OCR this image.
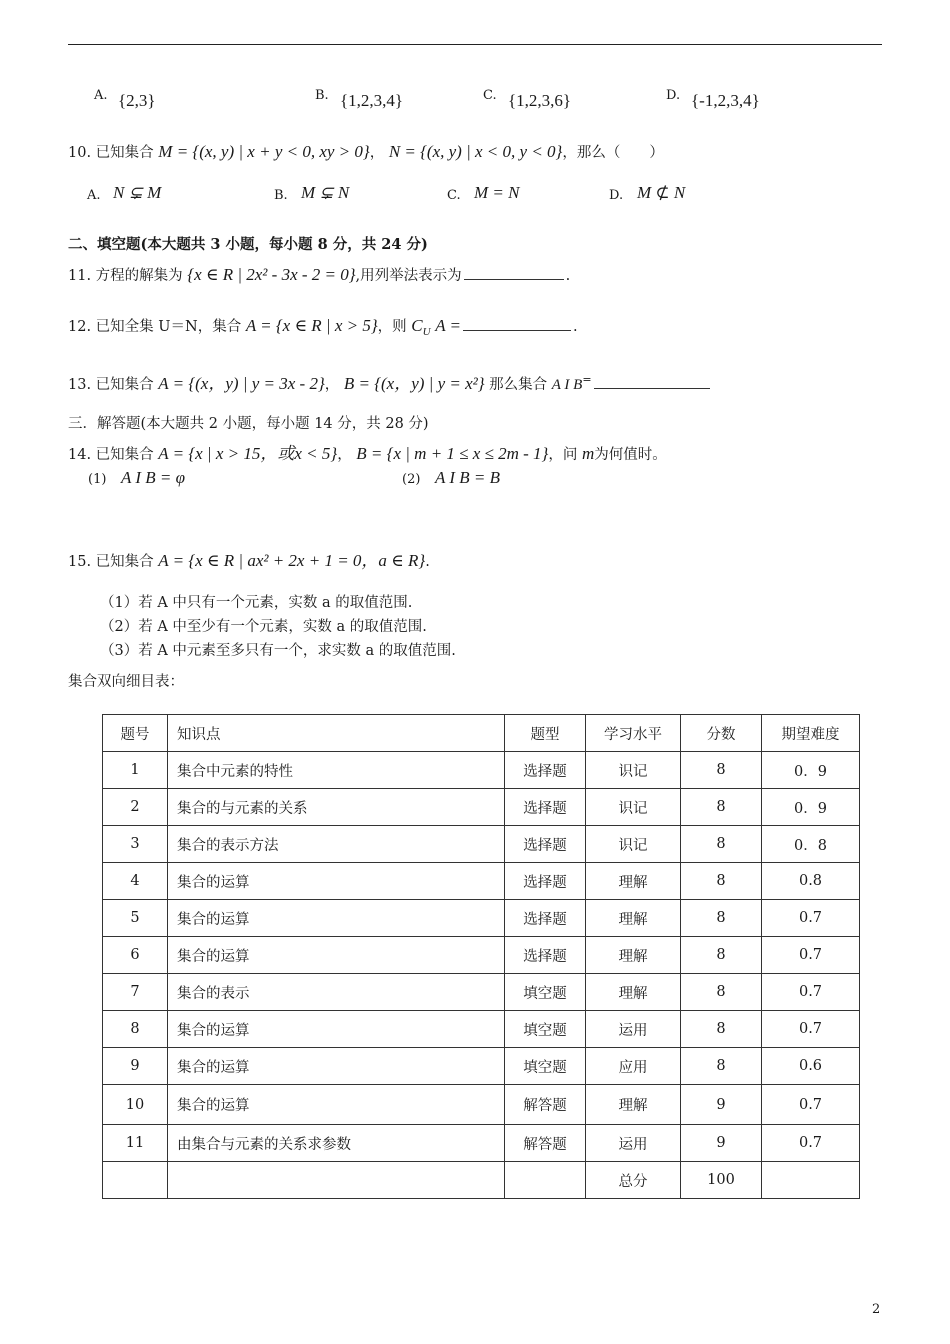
A. {2,3}	B. {1,2,3,4}	C. {1,2,3,6}	D. {-1,2,3,4}
10. 已知集合 M = {(x, y) | x + y < 0, xy > 0}， N = {(x, y) | x < 0, y < 0}，那么（　　）
A. N ⊊ M	B. M ⊊ N	C. M = N	D. M ⊄ N
二、填空题(本大题共 3 小题，每小题 8 分，共 24 分)
11. 方程的解集为 {x ∈ R | 2x² - 3x - 2 = 0},用列举法表示为	.
12. 已知全集 U＝N，集合 A = {x ∈ R | x > 5}，则 $C_U$ A =	.
13. 已知集合 A = {(x，y) | y = 3x - 2}， B = {(x，y) | y = x²} 那么集合 A I B=
三．解答题(本大题共 2 小题，每小题 14 分，共 28 分)
14. 已知集合 A = {x | x > 15，或x < 5}， B = {x | m + 1 ≤ x ≤ 2m - 1}，问 m为何值时。
(1) A I B = φ	(2) A I B = B
15. 已知集合 A = {x ∈ R | ax² + 2x + 1 = 0，a ∈ R}.
（1）若 A 中只有一个元素，实数 a 的取值范围.
（2）若 A 中至少有一个元素，实数 a 的取值范围.
（3）若 A 中元素至多只有一个，求实数 a 的取值范围.
集合双向细目表：
题号	知识点	题型	学习水平	分数	期望难度
1	集合中元素的特性	选择题	识记	8	0．9
2	集合的与元素的关系	选择题	识记	8	0．9
3	集合的表示方法	选择题	识记	8	0．8
4	集合的运算	选择题	理解	8	0.8
5	集合的运算	选择题	理解	8	0.7
6	集合的运算	选择题	理解	8	0.7
7	集合的表示	填空题	理解	8	0.7
8	集合的运算	填空题	运用	8	0.7
9	集合的运算	填空题	应用	8	0.6
10	集合的运算	解答题	理解	9	0.7
11	由集合与元素的关系求参数	解答题	运用	9	0.7
			总分	100	
2
